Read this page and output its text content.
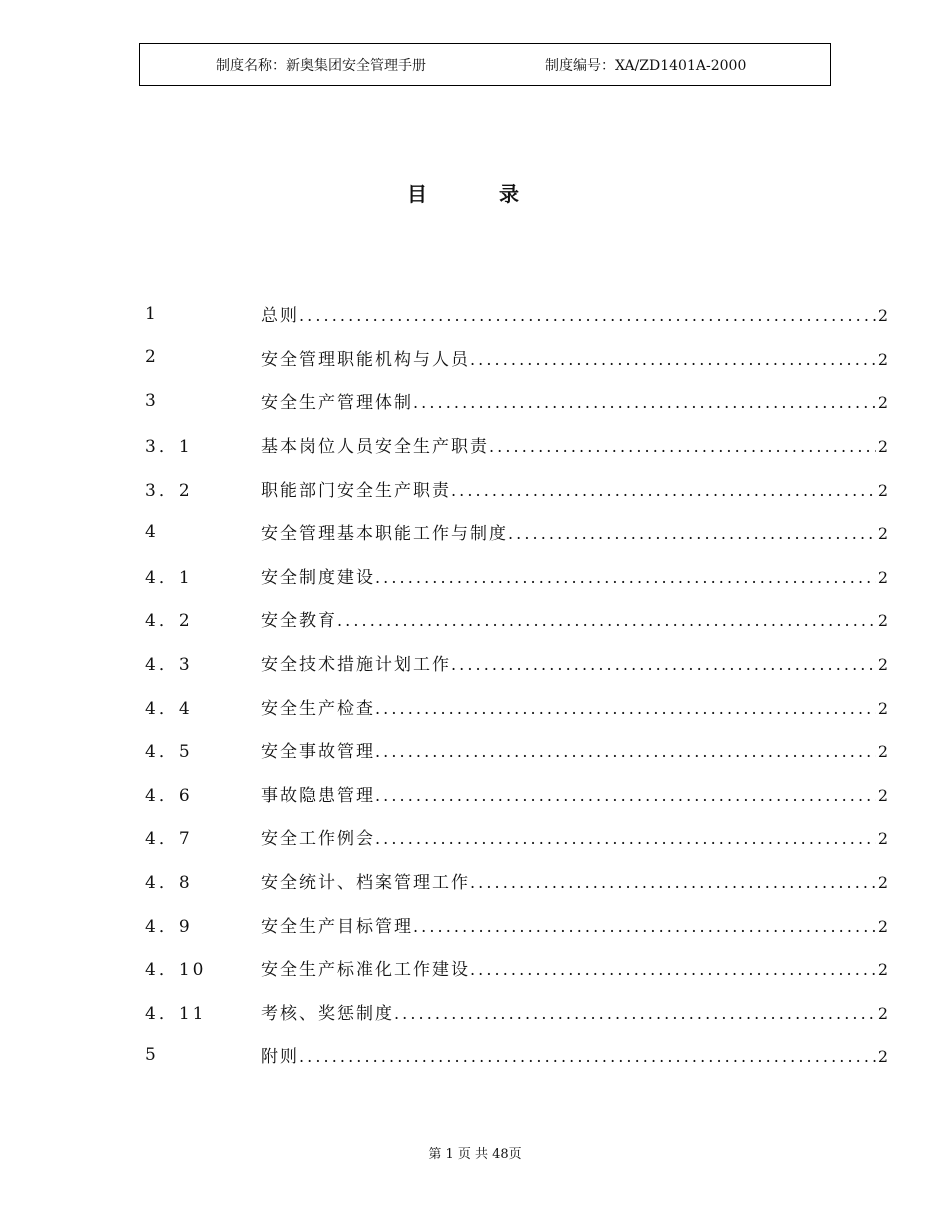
制度名称：新奥集团安全管理手册	制度编号：XA/ZD1401A-2000
目录
1	总则 .....	2
2	安全管理职能机构与人员 .....	2
3	安全生产管理体制 .....	2
3．1	基本岗位人员安全生产职责 .....	2
3．2	职能部门安全生产职责 .....	2
4	安全管理基本职能工作与制度 .....	2
4．1	安全制度建设 .....	2
4．2	安全教育 .....	2
4．3	安全技术措施计划工作 .....	2
4．4	安全生产检查 .....	2
4．5	安全事故管理 .....	2
4．6	事故隐患管理 .....	2
4．7	安全工作例会 .....	2
4．8	安全统计、档案管理工作 .....	2
4．9	安全生产目标管理 .....	2
4．10	安全生产标准化工作建设 .....	2
4．11	考核、奖惩制度 .....	2
5	附则 .....	2
第 1 页 共 48页
